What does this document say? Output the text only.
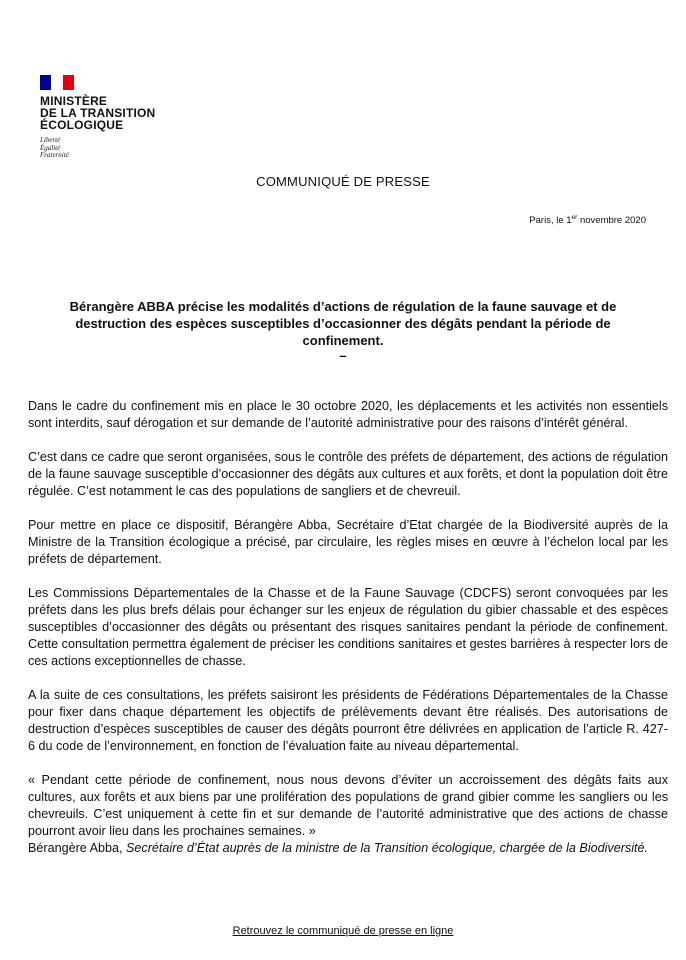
MINISTÈRE
DE LA TRANSITION
ÉCOLOGIQUE
Liberté
Égalité
Fraternité
COMMUNIQUÉ DE PRESSE
Paris, le 1er novembre 2020
Bérangère ABBA précise les modalités d’actions de régulation de la faune sauvage et de destruction des espèces susceptibles d’occasionner des dégâts pendant la période de confinement.
–

Dans le cadre du confinement mis en place le 30 octobre 2020, les déplacements et les activités non essentiels sont interdits, sauf dérogation et sur demande de l’autorité administrative pour des raisons d’intérêt général.

C’est dans ce cadre que seront organisées, sous le contrôle des préfets de département, des actions de régulation de la faune sauvage susceptible d’occasionner des dégâts aux cultures et aux forêts, et dont la population doit être régulée. C’est notamment le cas des populations de sangliers et de chevreuil.

Pour mettre en place ce dispositif, Bérangère Abba, Secrétaire d’Etat chargée de la Biodiversité auprès de la Ministre de la Transition écologique a précisé, par circulaire, les règles mises en œuvre à l’échelon local par les préfets de département.

Les Commissions Départementales de la Chasse et de la Faune Sauvage (CDCFS) seront convoquées par les préfets dans les plus brefs délais pour échanger sur les enjeux de régulation du gibier chassable et des espèces susceptibles d’occasionner des dégâts ou présentant des risques sanitaires pendant la période de confinement. Cette consultation permettra également de préciser les conditions sanitaires et gestes barrières à respecter lors de ces actions exceptionnelles de chasse.

A la suite de ces consultations, les préfets saisiront les présidents de Fédérations Départementales de la Chasse pour fixer dans chaque département les objectifs de prélèvements devant être réalisés. Des autorisations de destruction d’espèces susceptibles de causer des dégâts pourront être délivrées en application de l’article R. 427-6 du code de l’environnement, en fonction de l’évaluation faite au niveau départemental.

« Pendant cette période de confinement, nous nous devons d’éviter un accroissement des dégâts faits aux cultures, aux forêts et aux biens par une prolifération des populations de grand gibier comme les sangliers ou les chevreuils. C’est uniquement à cette fin et sur demande de l’autorité administrative que des actions de chasse pourront avoir lieu dans les prochaines semaines. »

Bérangère Abba, Secrétaire d’État auprès de la ministre de la Transition écologique, chargée de la Biodiversité.

Retrouvez le communiqué de presse en ligne
